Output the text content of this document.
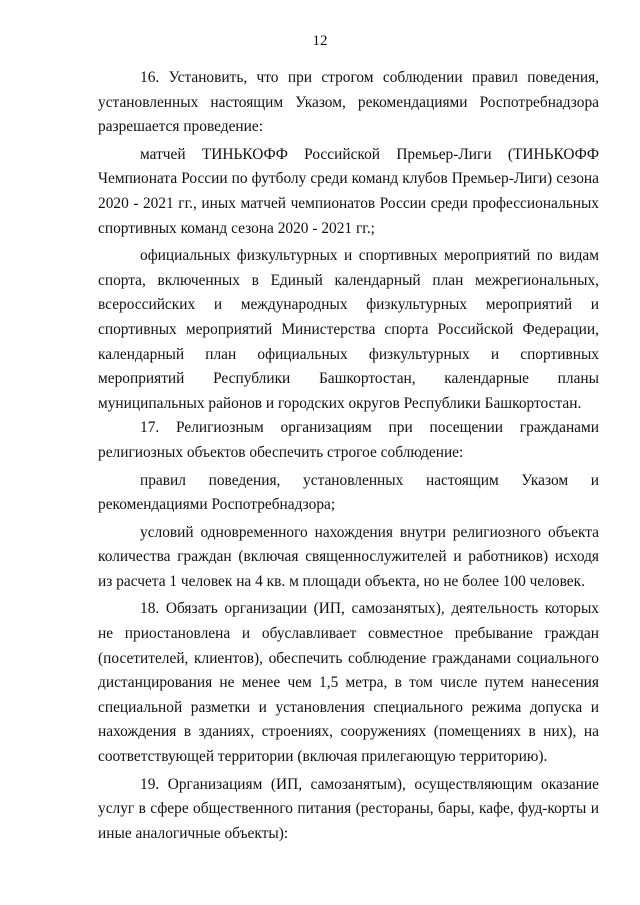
12

16. Установить, что при строгом соблюдении правил поведения, установленных настоящим Указом, рекомендациями Роспотребнадзора разрешается проведение:

матчей ТИНЬКОФФ Российской Премьер-Лиги (ТИНЬКОФФ Чемпионата России по футболу среди команд клубов Премьер-Лиги) сезона 2020 - 2021 гг., иных матчей чемпионатов России среди профессиональных спортивных команд сезона 2020 - 2021 гг.;

официальных физкультурных и спортивных мероприятий по видам спорта, включенных в Единый календарный план межрегиональных, всероссийских и международных физкультурных мероприятий и спортивных мероприятий Министерства спорта Российской Федерации, календарный план официальных физкультурных и спортивных мероприятий Республики Башкортостан, календарные планы муниципальных районов и городских округов Республики Башкортостан.

17. Религиозным организациям при посещении гражданами религиозных объектов обеспечить строгое соблюдение:

правил поведения, установленных настоящим Указом и рекомендациями Роспотребнадзора;

условий одновременного нахождения внутри религиозного объекта количества граждан (включая священнослужителей и работников) исходя из расчета 1 человек на 4 кв. м площади объекта, но не более 100 человек.

18. Обязать организации (ИП, самозанятых), деятельность которых не приостановлена и обуславливает совместное пребывание граждан (посетителей, клиентов), обеспечить соблюдение гражданами социального дистанцирования не менее чем 1,5 метра, в том числе путем нанесения специальной разметки и установления специального режима допуска и нахождения в зданиях, строениях, сооружениях (помещениях в них), на соответствующей территории (включая прилегающую территорию).

19. Организациям (ИП, самозанятым), осуществляющим оказание услуг в сфере общественного питания (рестораны, бары, кафе, фуд-корты и иные аналогичные объекты):
